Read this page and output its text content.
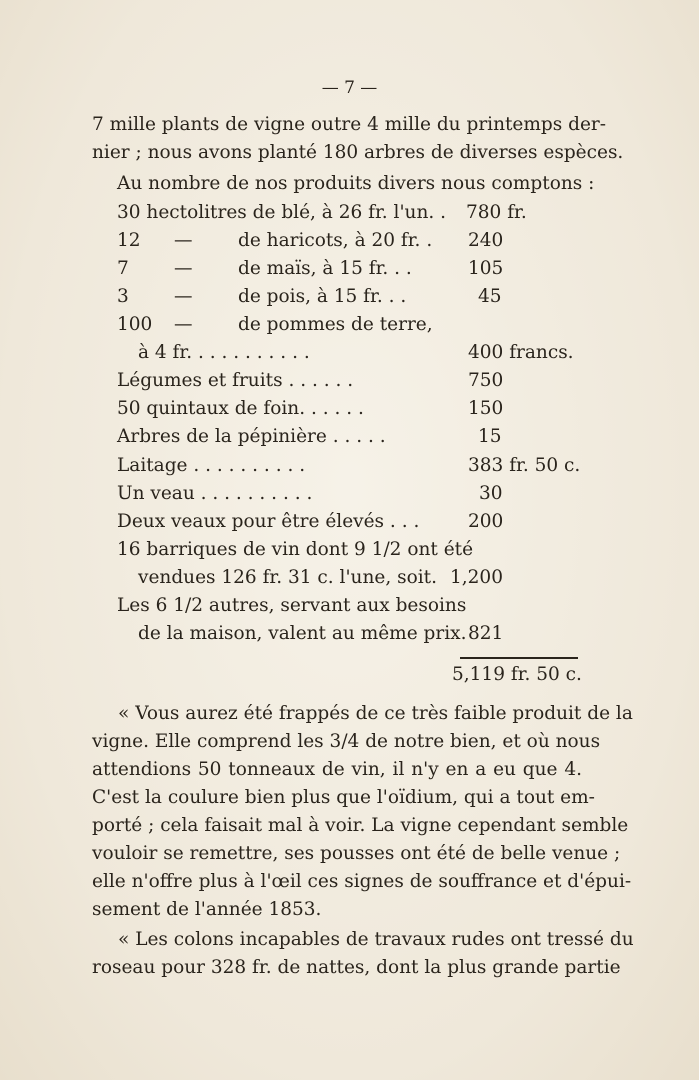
— 7 —
7 mille plants de vigne outre 4 mille du printemps der-
nier ; nous avons planté 180 arbres de diverses espèces.
Au nombre de nos produits divers nous comptons :
30 hectolitres de blé, à 26 fr. l'un. . 780 fr.
12 — de haricots, à 20 fr. . 240
7 — de maïs, à 15 fr. . .	105
3 — de pois, à 15 fr. . .	45
100 — de pommes de terre,
à 4 fr. . . . . . . . . . .	400 francs.
Légumes et fruits . . . . . .	750
50 quintaux de foin. . . . . .	150
Arbres de la pépinière . . . . .	15
Laitage . . . . . . . . . .	383 fr. 50 c.
Un veau . . . . . . . . . .	30
Deux veaux pour être élevés . . .	200
16 barriques de vin dont 9 1/2 ont été
vendues 126 fr. 31 c. l'une, soit. 1,200
Les 6 1/2 autres, servant aux besoins
de la maison, valent au même prix. 821
5,119 fr. 50 c.
« Vous aurez été frappés de ce très faible produit de la
vigne. Elle comprend les 3/4 de notre bien, et où nous
attendions 50 tonneaux de vin, il n'y en a eu que 4.
C'est la coulure bien plus que l'oïdium, qui a tout em-
porté ; cela faisait mal à voir. La vigne cependant semble
vouloir se remettre, ses pousses ont été de belle venue ;
elle n'offre plus à l'œil ces signes de souffrance et d'épui-
sement de l'année 1853.
« Les colons incapables de travaux rudes ont tressé du
roseau pour 328 fr. de nattes, dont la plus grande partie
